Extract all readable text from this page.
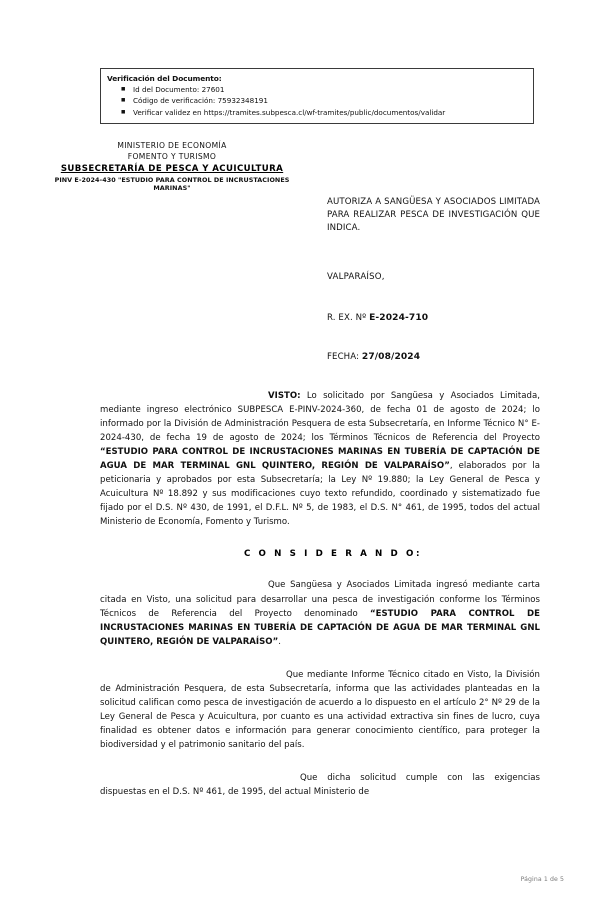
Verificación del Documento:
■ Id del Documento: 27601
■ Código de verificación: 75932348191
■ Verificar validez en https://tramites.subpesca.cl/wf-tramites/public/documentos/validar
MINISTERIO DE ECONOMÍA
FOMENTO Y TURISMO
SUBSECRETARÍA DE PESCA Y ACUICULTURA
PINV E-2024-430 "ESTUDIO PARA CONTROL DE INCRUSTACIONES MARINAS"
AUTORIZA A SANGÜESA Y ASOCIADOS LIMITADA PARA REALIZAR PESCA DE INVESTIGACIÓN QUE INDICA.
VALPARAÍSO,
R. EX. Nº E-2024-710
FECHA: 27/08/2024

VISTO: Lo solicitado por Sangüesa y Asociados Limitada, mediante ingreso electrónico SUBPESCA E-PINV-2024-360, de fecha 01 de agosto de 2024; lo informado por la División de Administración Pesquera de esta Subsecretaría, en Informe Técnico N° E-2024-430, de fecha 19 de agosto de 2024; los Términos Técnicos de Referencia del Proyecto “ESTUDIO PARA CONTROL DE INCRUSTACIONES MARINAS EN TUBERÍA DE CAPTACIÓN DE AGUA DE MAR TERMINAL GNL QUINTERO, REGIÓN DE VALPARAÍSO”, elaborados por la peticionaria y aprobados por esta Subsecretaría; la Ley Nº 19.880; la Ley General de Pesca y Acuicultura Nº 18.892 y sus modificaciones cuyo texto refundido, coordinado y sistematizado fue fijado por el D.S. Nº 430, de 1991, el D.F.L. Nº 5, de 1983, el D.S. N° 461, de 1995, todos del actual Ministerio de Economía, Fomento y Turismo.

C O N S I D E R A N D O:

Que Sangüesa y Asociados Limitada ingresó mediante carta citada en Visto, una solicitud para desarrollar una pesca de investigación conforme los Términos Técnicos de Referencia del Proyecto denominado “ESTUDIO PARA CONTROL DE INCRUSTACIONES MARINAS EN TUBERÍA DE CAPTACIÓN DE AGUA DE MAR TERMINAL GNL QUINTERO, REGIÓN DE VALPARAÍSO”.

Que mediante Informe Técnico citado en Visto, la División de Administración Pesquera, de esta Subsecretaría, informa que las actividades planteadas en la solicitud califican como pesca de investigación de acuerdo a lo dispuesto en el artículo 2° Nº 29 de la Ley General de Pesca y Acuicultura, por cuanto es una actividad extractiva sin fines de lucro, cuya finalidad es obtener datos e información para generar conocimiento científico, para proteger la biodiversidad y el patrimonio sanitario del país.

Que dicha solicitud cumple con las exigencias dispuestas en el D.S. Nº 461, de 1995, del actual Ministerio de

Página 1 de 5
